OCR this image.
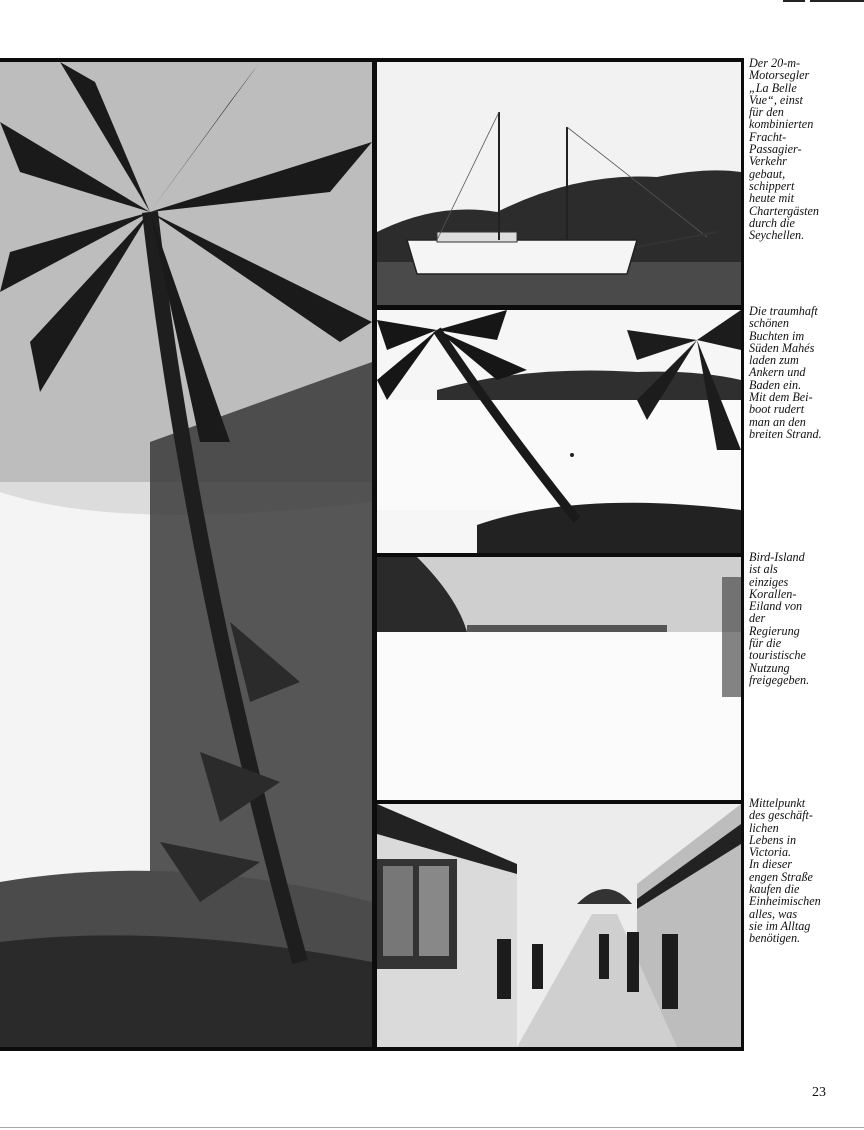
Der 20-m-
Motorsegler
„La Belle
Vue“, einst
für den
kombinierten
Fracht-
Passagier-
Verkehr
gebaut,
schippert
heute mit
Chartergästen
durch die
Seychellen.

Die traumhaft
schönen
Buchten im
Süden Mahés
laden zum
Ankern und
Baden ein.
Mit dem Bei-
boot rudert
man an den
breiten Strand.

Bird-Island
ist als
einziges
Korallen-
Eiland von
der
Regierung
für die
touristische
Nutzung
freigegeben.

Mittelpunkt
des geschäft-
lichen
Lebens in
Victoria.
In dieser
engen Straße
kaufen die
Einheimischen
alles, was
sie im Alltag
benötigen.

23
